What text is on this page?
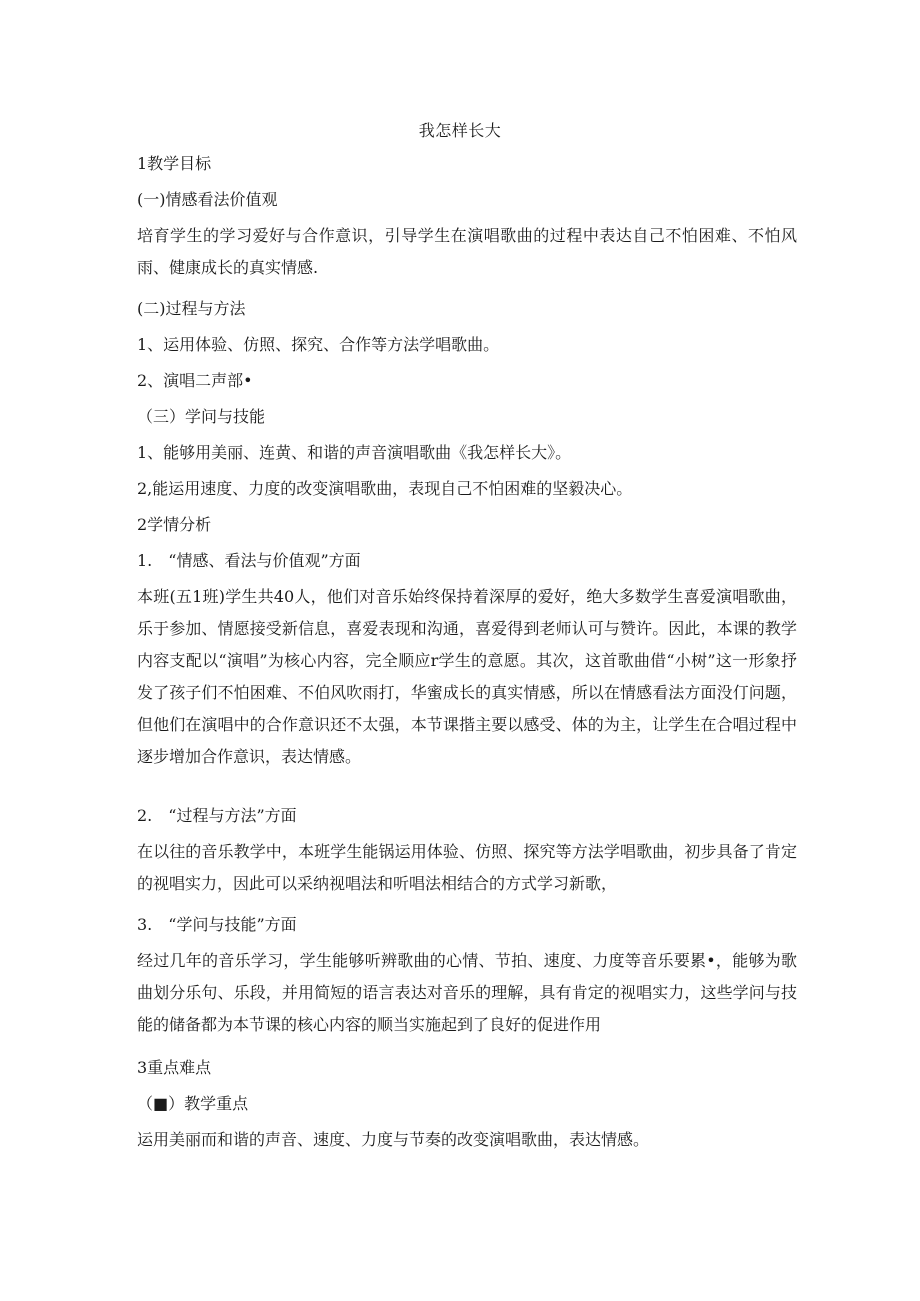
我怎样长大
1教学目标
(一)情感看法价值观
培育学生的学习爱好与合作意识，引导学生在演唱歌曲的过程中表达自己不怕困难、不怕风雨、健康成长的真实情感.
(二)过程与方法
1、运用体验、仿照、探究、合作等方法学唱歌曲。
2、演唱二声部•
（三）学问与技能
1、能够用美丽、连黄、和谐的声音演唱歌曲《我怎样长大》。
2,能运用速度、力度的改变演唱歌曲，表现自己不怕困难的坚毅决心。
2学情分析
1.　“情感、看法与价值观”方面
本班(五1班)学生共40人，他们对音乐始终保持着深厚的爱好，绝大多数学生喜爱演唱歌曲，乐于参加、情愿接受新信息，喜爱表现和沟通，喜爱得到老师认可与赞许。因此，本课的教学内容支配以“演唱”为核心内容，完全顺应r学生的意愿。其次，这首歌曲借“小树”这一形象抒发了孩子们不怕困难、不伯风吹雨打，华蜜成长的真实情感，所以在情感看法方面没仃问题，但他们在演唱中的合作意识还不太强，本节课揩主要以感受、体的为主，让学生在合唱过程中逐步增加合作意识，表达情感。
2.　“过程与方法”方面
在以往的音乐教学中，本班学生能锅运用体验、仿照、探究等方法学唱歌曲，初步具备了肯定的视唱实力，因此可以采纳视唱法和听唱法相结合的方式学习新歌，
3.　“学问与技能”方面
经过几年的音乐学习，学生能够听辨歌曲的心情、节拍、速度、力度等音乐要累•，能够为歌曲划分乐句、乐段，并用简短的语言表达对音乐的理解，具有肯定的视唱实力，这些学问与技能的储备都为本节课的核心内容的顺当实施起到了良好的促进作用
3重点难点
（■）教学重点
运用美丽而和谐的声音、速度、力度与节奏的改变演唱歌曲，表达情感。
